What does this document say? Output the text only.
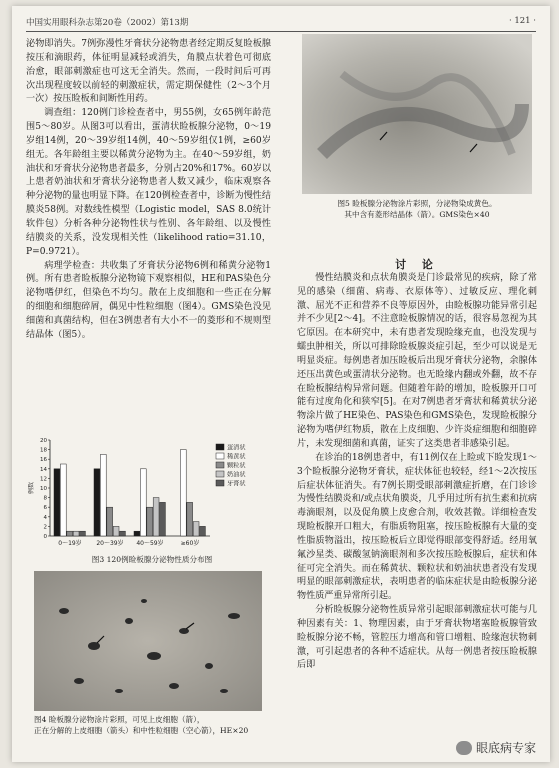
中国实用眼科杂志第20卷（2002）第13期	· 121 ·

泌物即消失。7例弥漫性牙膏状分泌物患者经定期反复睑板腺按压和滴眼药，体征明显减轻或消失，角膜点状着色可彻底治愈，眼部刺激症也可这无全消失。然而，一段时间后可再次出现程度较以前轻的刺激症状，需定期保健性（2～3个月一次）按压睑板和间断性用药。

调查组：120例门诊检查者中，男55例，女65例年龄范围5～80岁。从图3可以看出，蛋清状睑板腺分泌物，0～19岁组14例，20～39岁组14例，40～59岁组仅1例，≥60岁组无。各年龄组主要以稀黄分泌物为主。在40～59岁组，奶油状和牙膏状分泌物患者最多，分别占20%和17%。60岁以上患者奶油状和牙膏状分泌物患者人数又减少，临床观察各种分泌物的量也明显下降。在120例检查者中，诊断为慢性结膜炎58例。对数线性模型（Logistic model，SAS 8.0统计软件包）分析各种分泌物性状与性别、各年龄组、以及慢性结膜炎的关系，没发现相关性（likelihood ratio=31.10，P=0.9721）。

病理学检查：共收集了牙膏状分泌物6例和稀黄分泌物1例。所有患者睑板腺分泌物镜下观察相似，HE和PAS染色分泌物嗜伊红，但染色不均匀。散在上皮细胞和一些正在分解的细胞和细胞碎屑，偶见中性粒细胞（图4）。GMS染色没见细菌和真菌结构，但在3例患者有大小不一的菱形和不规则型结晶体（图5）。

0
2
4
6
8
10
12
14
16
18
20
例数
0～19岁 20～39岁 40～59岁	≥60岁
蛋清状
稀黄状
颗粒状
奶油状
牙膏状
图3 120例睑板腺分泌物性质分布图
图4 睑板腺分泌物涂片彩照，可见上皮细胞（箭），
正在分解的上皮细胞（箭头）和中性粒细胞（空心箭），HE×20
图5 睑板腺分泌物涂片彩照，分泌物染成黄色。
其中含有菱形结晶体（箭）。GMS染色×40

讨 论

慢性结膜炎和点状角膜炎是门诊最常见的疾病，除了常见的感染（细菌、病毒、衣原体等）、过敏反应、理化刺激、屈光不正和营养不良等原因外，由睑板腺功能异常引起并不少见[2～4]。不注意睑板腺情况的话，很容易忽视为其它原因。在本研究中，未有患者发现睑缘充血，也没发现与蠕虫肿相关，所以可排除睑板腺炎症引起，至少可以说是无明显炎症。每例患者加压睑板后出现牙膏状分泌物，余腺体还压出黄色或蛋清状分泌物。也无睑缘内翻或外翻，故不存在睑板腺结构异常问题。但随着年龄的增加，睑板腺开口可能有过度角化和狭窄[5]。在对7例患者牙膏状和稀黄状分泌物涂片做了HE染色、PAS染色和GMS染色，发现睑板腺分泌物为嗜伊红物质，散在上皮细胞、少许炎症细胞和细胞碎片，未发现细菌和真菌，证实了这类患者非感染引起。

在诊治的18例患者中，有11例仅在上睑或下睑发现1～3个睑板腺分泌物牙膏状，症状体征也较轻，经1～2次按压后症状体征消失。有7例长期受眼部刺激症折磨，在门诊诊为慢性结膜炎和/或点状角膜炎，几乎用过所有抗生素和抗病毒滴眼剂，以及促角膜上皮愈合剂，收效甚微。详细检查发现睑板腺开口粗大，有脂质物阻塞，按压睑板腺有大量的变性脂质物溢出，按压睑板后立即觉得眼部变得舒适。经用氧氟沙星类、碳酸氢钠滴眼剂和多次按压睑板腺后，症状和体征可完全消失。而在稀黄状、颗粒状和奶油状患者没有发现明显的眼部刺激症状，表明患者的临床症状是由睑板腺分泌物性质严重异常所引起。

分析睑板腺分泌物性质异常引起眼部刺激症状可能与几种因素有关：1、物理因素，由于牙膏状物堵塞睑板腺管致睑板腺分泌不畅，管腔压力增高和管口增粗、睑缘泡状物刺激，可引起患者的各种不适症状。从每一例患者按压睑板腺后即

眼底病专家
